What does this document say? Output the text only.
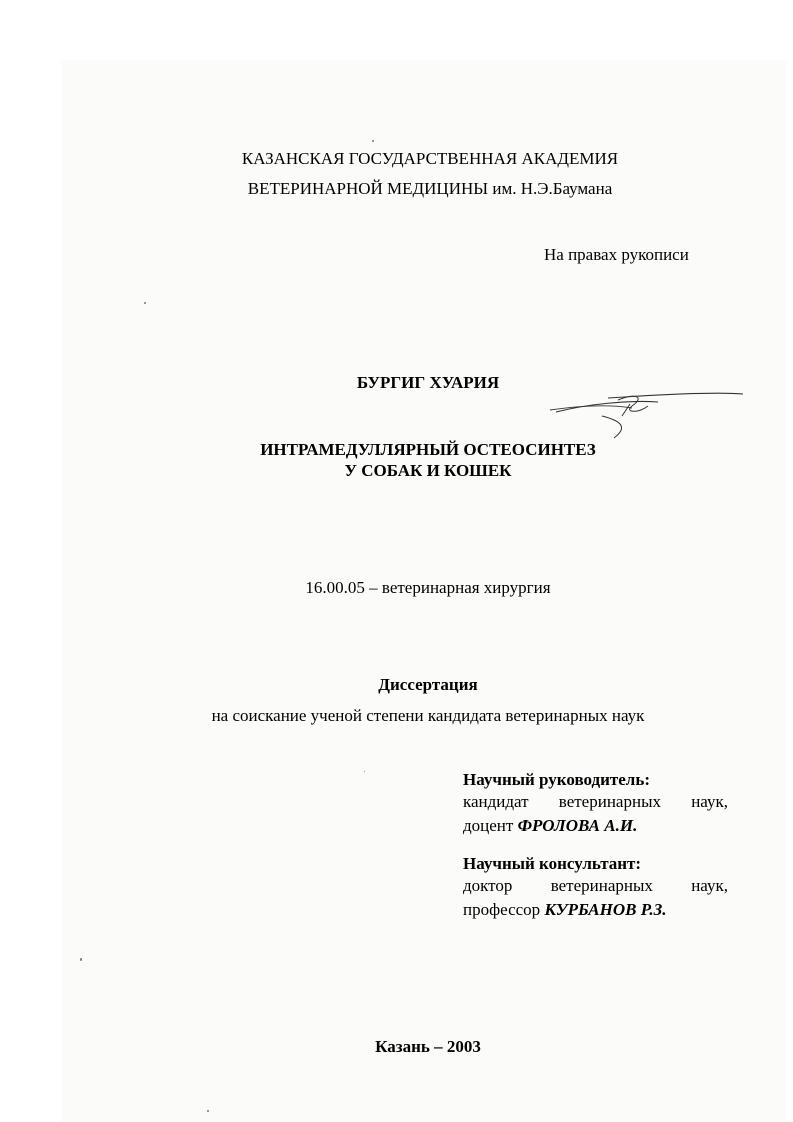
КАЗАНСКАЯ ГОСУДАРСТВЕННАЯ АКАДЕМИЯ
ВЕТЕРИНАРНОЙ МЕДИЦИНЫ им. Н.Э.Баумана
На правах рукописи
БУРГИГ ХУАРИЯ
ИНТРАМЕДУЛЛЯРНЫЙ ОСТЕОСИНТЕЗ
У СОБАК И КОШЕК
16.00.05 – ветеринарная хирургия
Диссертация
на соискание ученой степени кандидата ветеринарных наук
Научный руководитель:
кандидат ветеринарных наук,
доцент ФРОЛОВА А.И.
Научный консультант:
доктор ветеринарных наук,
профессор КУРБАНОВ Р.З.
Казань – 2003
